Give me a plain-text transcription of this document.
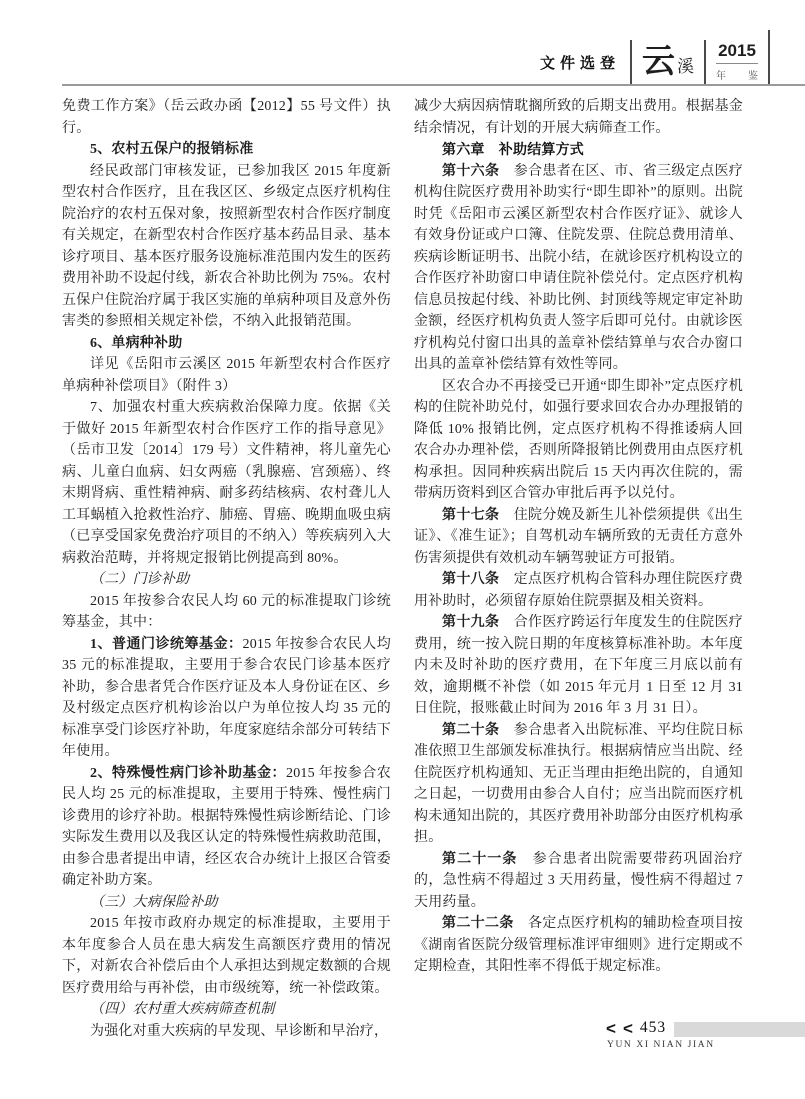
文件选登 云 溪
2015
年 鉴

免费工作方案》（岳云政办函【2012】55 号文件）执行。

5、农村五保户的报销标准

经民政部门审核发证，已参加我区 2015 年度新型农村合作医疗，且在我区区、乡级定点医疗机构住院治疗的农村五保对象，按照新型农村合作医疗制度有关规定，在新型农村合作医疗基本药品目录、基本诊疗项目、基本医疗服务设施标准范围内发生的医药费用补助不设起付线，新农合补助比例为 75%。农村五保户住院治疗属于我区实施的单病种项目及意外伤害类的参照相关规定补偿，不纳入此报销范围。

6、单病种补助

详见《岳阳市云溪区 2015 年新型农村合作医疗单病种补偿项目》（附件 3）

7、加强农村重大疾病救治保障力度。依据《关于做好 2015 年新型农村合作医疗工作的指导意见》（岳市卫发〔2014〕179 号）文件精神，将儿童先心病、儿童白血病、妇女两癌（乳腺癌、宫颈癌）、终末期肾病、重性精神病、耐多药结核病、农村聋儿人工耳蜗植入抢救性治疗、肺癌、胃癌、晚期血吸虫病（已享受国家免费治疗项目的不纳入）等疾病列入大病救治范畴，并将规定报销比例提高到 80%。

（二）门诊补助

2015 年按参合农民人均 60 元的标准提取门诊统筹基金，其中：

1、普通门诊统筹基金：2015 年按参合农民人均 35 元的标准提取，主要用于参合农民门诊基本医疗补助，参合患者凭合作医疗证及本人身份证在区、乡及村级定点医疗机构诊治以户为单位按人均 35 元的标准享受门诊医疗补助，年度家庭结余部分可转结下年使用。

2、特殊慢性病门诊补助基金：2015 年按参合农民人均 25 元的标准提取，主要用于特殊、慢性病门诊费用的诊疗补助。根据特殊慢性病诊断结论、门诊实际发生费用以及我区认定的特殊慢性病救助范围，由参合患者提出申请，经区农合办统计上报区合管委确定补助方案。

（三）大病保险补助

2015 年按市政府办规定的标准提取，主要用于本年度参合人员在患大病发生高额医疗费用的情况下，对新农合补偿后由个人承担达到规定数额的合规医疗费用给与再补偿，由市级统筹，统一补偿政策。

（四）农村重大疾病筛查机制

为强化对重大疾病的早发现、早诊断和早治疗，

减少大病因病情耽搁所致的后期支出费用。根据基金结余情况，有计划的开展大病筛查工作。

第六章　补助结算方式

第十六条　参合患者在区、市、省三级定点医疗机构住院医疗费用补助实行“即生即补”的原则。出院时凭《岳阳市云溪区新型农村合作医疗证》、就诊人有效身份证或户口簿、住院发票、住院总费用清单、疾病诊断证明书、出院小结，在就诊医疗机构设立的合作医疗补助窗口申请住院补偿兑付。定点医疗机构信息员按起付线、补助比例、封顶线等规定审定补助金额，经医疗机构负责人签字后即可兑付。由就诊医疗机构兑付窗口出具的盖章补偿结算单与农合办窗口出具的盖章补偿结算有效性等同。

区农合办不再接受已开通“即生即补”定点医疗机构的住院补助兑付，如强行要求回农合办办理报销的降低 10% 报销比例，定点医疗机构不得推诿病人回农合办办理补偿，否则所降报销比例费用由点医疗机构承担。因同种疾病出院后 15 天内再次住院的，需带病历资料到区合管办审批后再予以兑付。

第十七条　住院分娩及新生儿补偿须提供《出生证》、《准生证》；自驾机动车辆所致的无责任方意外伤害须提供有效机动车辆驾驶证方可报销。

第十八条　定点医疗机构合管科办理住院医疗费用补助时，必须留存原始住院票据及相关资料。

第十九条　合作医疗跨运行年度发生的住院医疗费用，统一按入院日期的年度核算标准补助。本年度内未及时补助的医疗费用，在下年度三月底以前有效，逾期概不补偿（如 2015 年元月 1 日至 12 月 31 日住院，报账截止时间为 2016 年 3 月 31 日）。

第二十条　参合患者入出院标准、平均住院日标准依照卫生部颁发标准执行。根据病情应当出院、经住院医疗机构通知、无正当理由拒绝出院的，自通知之日起，一切费用由参合人自付；应当出院而医疗机构未通知出院的，其医疗费用补助部分由医疗机构承担。

第二十一条　参合患者出院需要带药巩固治疗的，急性病不得超过 3 天用药量，慢性病不得超过 7 天用药量。

第二十二条　各定点医疗机构的辅助检查项目按《湖南省医院分级管理标准评审细则》进行定期或不定期检查，其阳性率不得低于规定标准。

< < 453
YUN XI NIAN JIAN
